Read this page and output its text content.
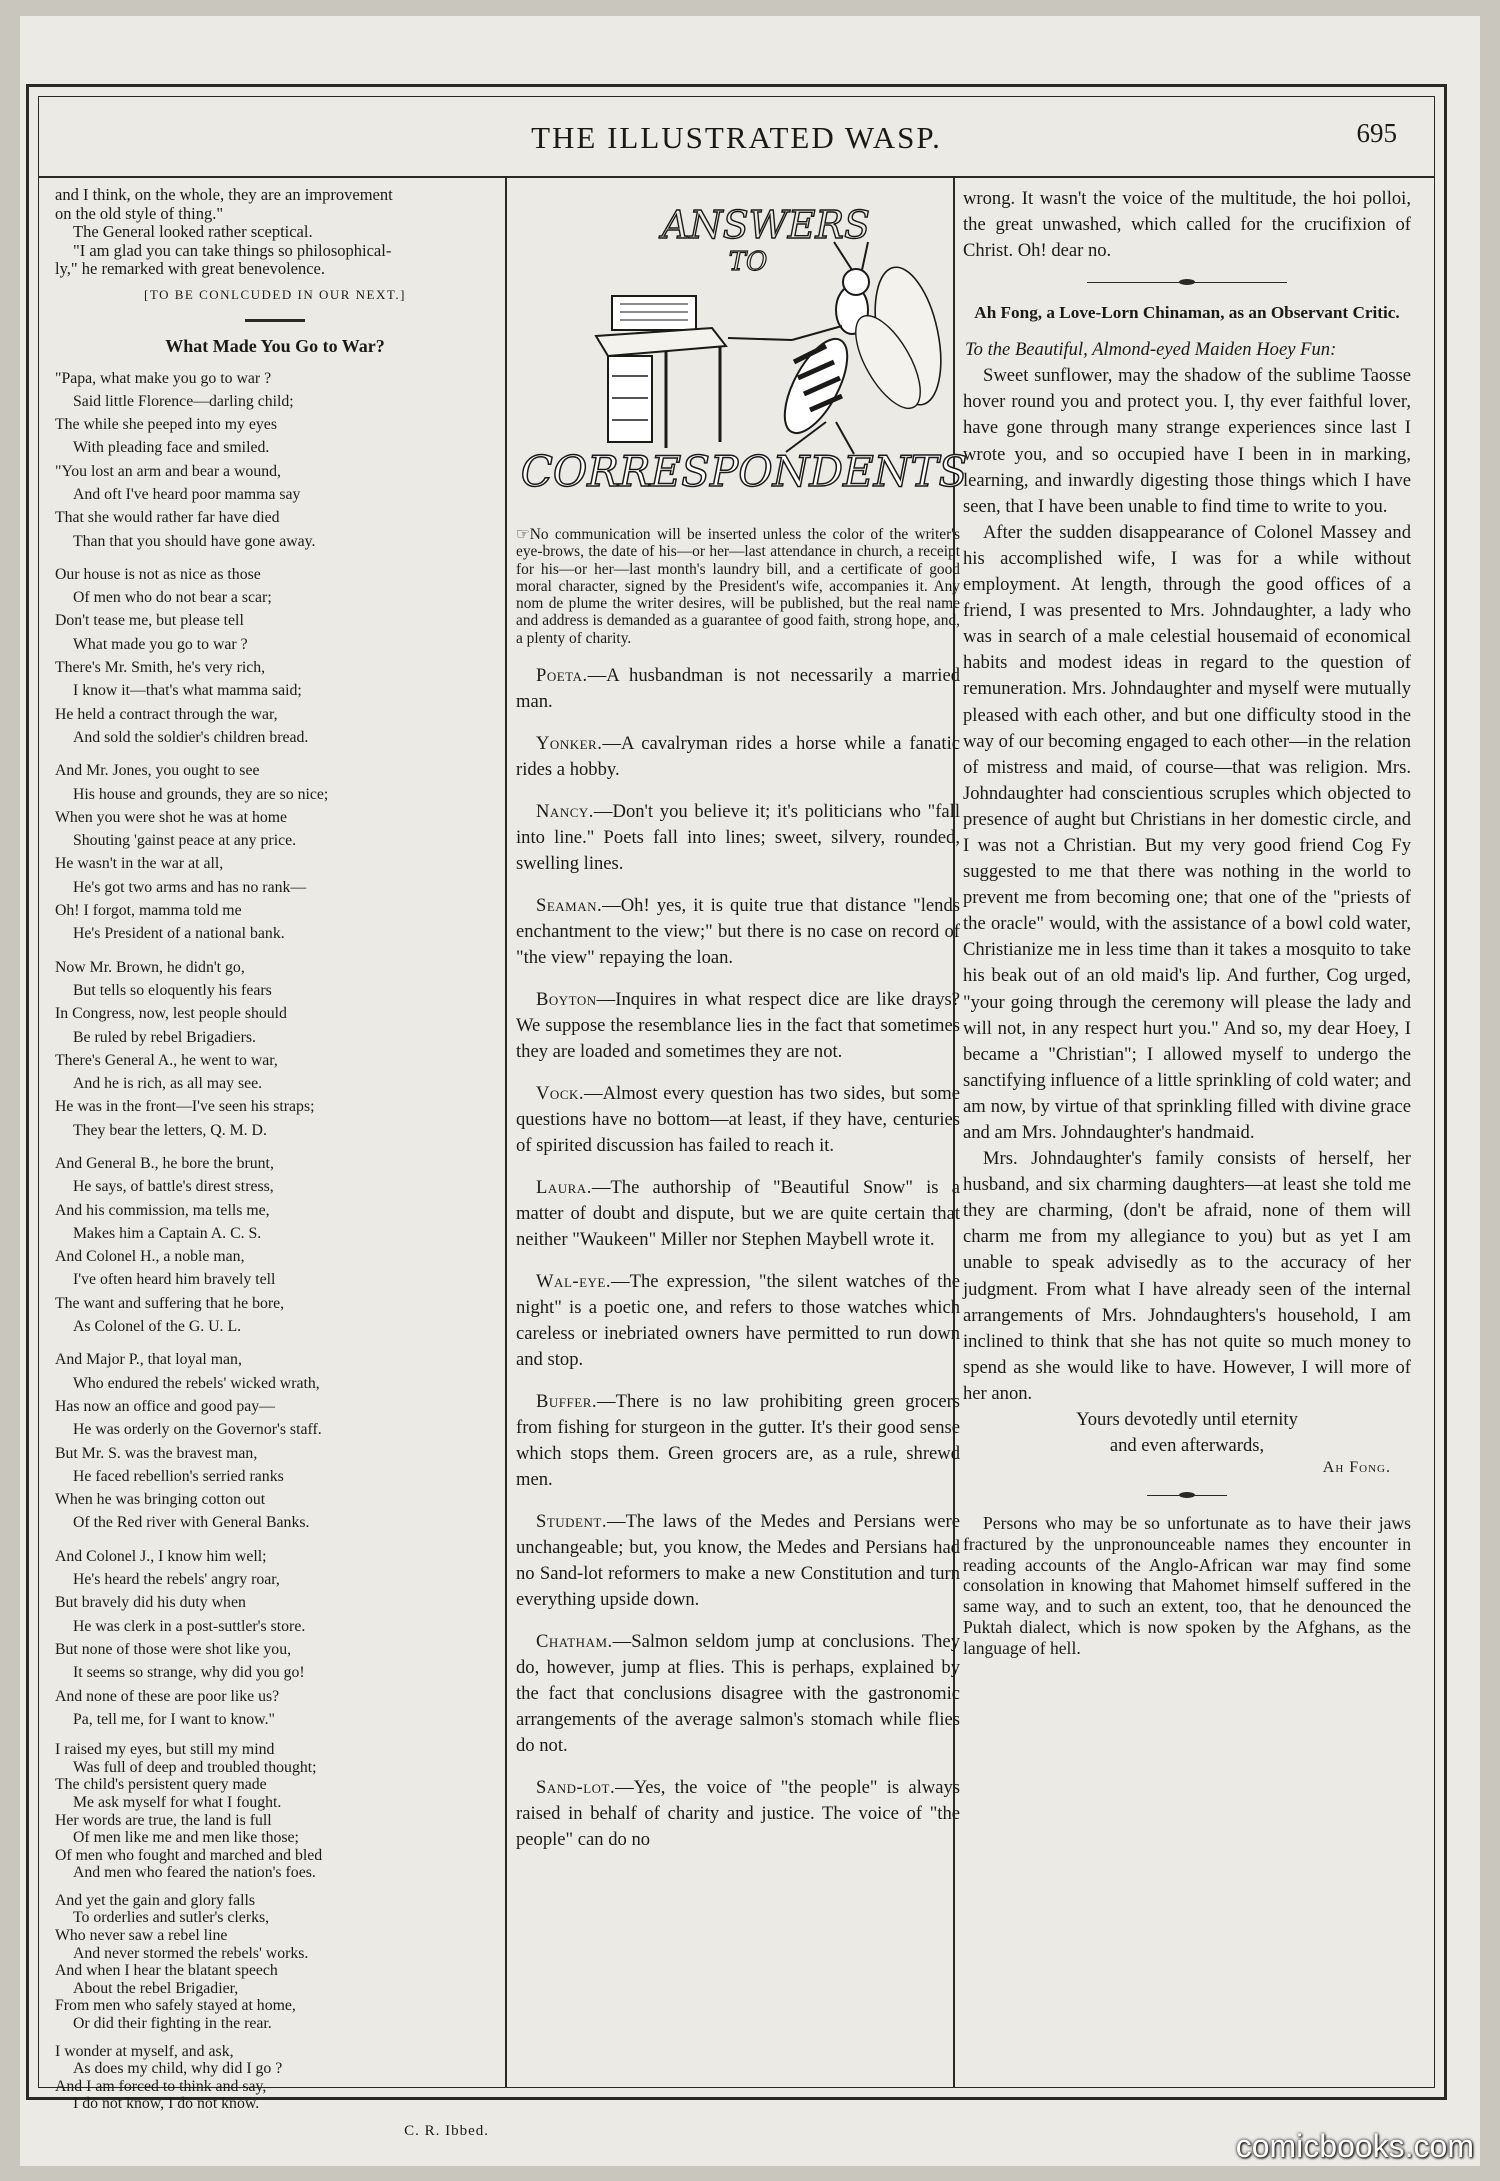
THE ILLUSTRATED WASP.	695

and I think, on the whole, they are an improvement

on the old style of thing."

The General looked rather sceptical.

"I am glad you can take things so philosophical-

ly," he remarked with great benevolence.

[TO BE CONLCUDED IN OUR NEXT.]

What Made You Go to War?

"Papa, what make you go to war ?

Said little Florence—darling child;

The while she peeped into my eyes

With pleading face and smiled.

"You lost an arm and bear a wound,

And oft I've heard poor mamma say

That she would rather far have died

Than that you should have gone away.

Our house is not as nice as those

Of men who do not bear a scar;

Don't tease me, but please tell

What made you go to war ?

There's Mr. Smith, he's very rich,

I know it—that's what mamma said;

He held a contract through the war,

And sold the soldier's children bread.

And Mr. Jones, you ought to see

His house and grounds, they are so nice;

When you were shot he was at home

Shouting 'gainst peace at any price.

He wasn't in the war at all,

He's got two arms and has no rank—

Oh! I forgot, mamma told me

He's President of a national bank.

Now Mr. Brown, he didn't go,

But tells so eloquently his fears

In Congress, now, lest people should

Be ruled by rebel Brigadiers.

There's General A., he went to war,

And he is rich, as all may see.

He was in the front—I've seen his straps;

They bear the letters, Q. M. D.

And General B., he bore the brunt,

He says, of battle's direst stress,

And his commission, ma tells me,

Makes him a Captain A. C. S.

And Colonel H., a noble man,

I've often heard him bravely tell

The want and suffering that he bore,

As Colonel of the G. U. L.

And Major P., that loyal man,

Who endured the rebels' wicked wrath,

Has now an office and good pay—

He was orderly on the Governor's staff.

But Mr. S. was the bravest man,

He faced rebellion's serried ranks

When he was bringing cotton out

Of the Red river with General Banks.

And Colonel J., I know him well;

He's heard the rebels' angry roar,

But bravely did his duty when

He was clerk in a post-suttler's store.

But none of those were shot like you,

It seems so strange, why did you go!

And none of these are poor like us?

Pa, tell me, for I want to know."

I raised my eyes, but still my mind

Was full of deep and troubled thought;

The child's persistent query made

Me ask myself for what I fought.

Her words are true, the land is full

Of men like me and men like those;

Of men who fought and marched and bled

And men who feared the nation's foes.

And yet the gain and glory falls

To orderlies and sutler's clerks,

Who never saw a rebel line

And never stormed the rebels' works.

And when I hear the blatant speech

About the rebel Brigadier,

From men who safely stayed at home,

Or did their fighting in the rear.

I wonder at myself, and ask,

As does my child, why did I go ?

And I am forced to think and say,

I do not know, I do not know.

C. R. Ibbed.

ANSWERS
TO
CORRESPONDENTS

☞No communication will be inserted unless the color of the writer's eye-brows, the date of his—or her—last attendance in church, a receipt for his—or her—last month's laundry bill, and a certificate of good moral character, signed by the President's wife, accompanies it. Any nom de plume the writer desires, will be published, but the real name and address is demanded as a guarantee of good faith, strong hope, and, a plenty of charity.

Poeta.—A husbandman is not necessarily a married man.

Yonker.—A cavalryman rides a horse while a fanatic rides a hobby.

Nancy.—Don't you believe it; it's politicians who "fall into line." Poets fall into lines; sweet, silvery, rounded, swelling lines.

Seaman.—Oh! yes, it is quite true that distance "lends enchantment to the view;" but there is no case on record of "the view" repaying the loan.

Boyton—Inquires in what respect dice are like drays? We suppose the resemblance lies in the fact that sometimes they are loaded and sometimes they are not.

Vock.—Almost every question has two sides, but some questions have no bottom—at least, if they have, centuries of spirited discussion has failed to reach it.

Laura.—The authorship of "Beautiful Snow" is a matter of doubt and dispute, but we are quite certain that neither "Waukeen" Miller nor Stephen Maybell wrote it.

Wal-eye.—The expression, "the silent watches of the night" is a poetic one, and refers to those watches which careless or inebriated owners have permitted to run down and stop.

Buffer.—There is no law prohibiting green grocers from fishing for sturgeon in the gutter. It's their good sense which stops them. Green grocers are, as a rule, shrewd men.

Student.—The laws of the Medes and Persians were unchangeable; but, you know, the Medes and Persians had no Sand-lot reformers to make a new Constitution and turn everything upside down.

Chatham.—Salmon seldom jump at conclusions. They do, however, jump at flies. This is perhaps, explained by the fact that conclusions disagree with the gastronomic arrangements of the average salmon's stomach while flies do not.

Sand-lot.—Yes, the voice of "the people" is always raised in behalf of charity and justice. The voice of "the people" can do no

wrong. It wasn't the voice of the multitude, the hoi polloi, the great unwashed, which called for the crucifixion of Christ. Oh! dear no.

Ah Fong, a Love-Lorn Chinaman, as an Observant Critic.

To the Beautiful, Almond-eyed Maiden Hoey Fun:

Sweet sunflower, may the shadow of the sublime Taosse hover round you and protect you. I, thy ever faithful lover, have gone through many strange experiences since last I wrote you, and so occupied have I been in in marking, learning, and inwardly digesting those things which I have seen, that I have been unable to find time to write to you.

After the sudden disappearance of Colonel Massey and his accomplished wife, I was for a while without employment. At length, through the good offices of a friend, I was presented to Mrs. Johndaughter, a lady who was in search of a male celestial housemaid of economical habits and modest ideas in regard to the question of remuneration. Mrs. Johndaughter and myself were mutually pleased with each other, and but one difficulty stood in the way of our becoming engaged to each other—in the relation of mistress and maid, of course—that was religion. Mrs. Johndaughter had conscientious scruples which objected to presence of aught but Christians in her domestic circle, and I was not a Christian. But my very good friend Cog Fy suggested to me that there was nothing in the world to prevent me from becoming one; that one of the "priests of the oracle" would, with the assistance of a bowl cold water, Christianize me in less time than it takes a mosquito to take his beak out of an old maid's lip. And further, Cog urged, "your going through the ceremony will please the lady and will not, in any respect hurt you." And so, my dear Hoey, I became a "Christian"; I allowed myself to undergo the sanctifying influence of a little sprinkling of cold water; and am now, by virtue of that sprinkling filled with divine grace and am Mrs. Johndaughter's handmaid.

Mrs. Johndaughter's family consists of herself, her husband, and six charming daughters—at least she told me they are charming, (don't be afraid, none of them will charm me from my allegiance to you) but as yet I am unable to speak advisedly as to the accuracy of her judgment. From what I have already seen of the internal arrangements of Mrs. Johndaughters's household, I am inclined to think that she has not quite so much money to spend as she would like to have. However, I will more of her anon.

Yours devotedly until eternity

and even afterwards,

Ah Fong.

Persons who may be so unfortunate as to have their jaws fractured by the unpronounceable names they encounter in reading accounts of the Anglo-African war may find some consolation in knowing that Mahomet himself suffered in the same way, and to such an extent, too, that he denounced the Puktah dialect, which is now spoken by the Afghans, as the language of hell.

comicbooks.com
